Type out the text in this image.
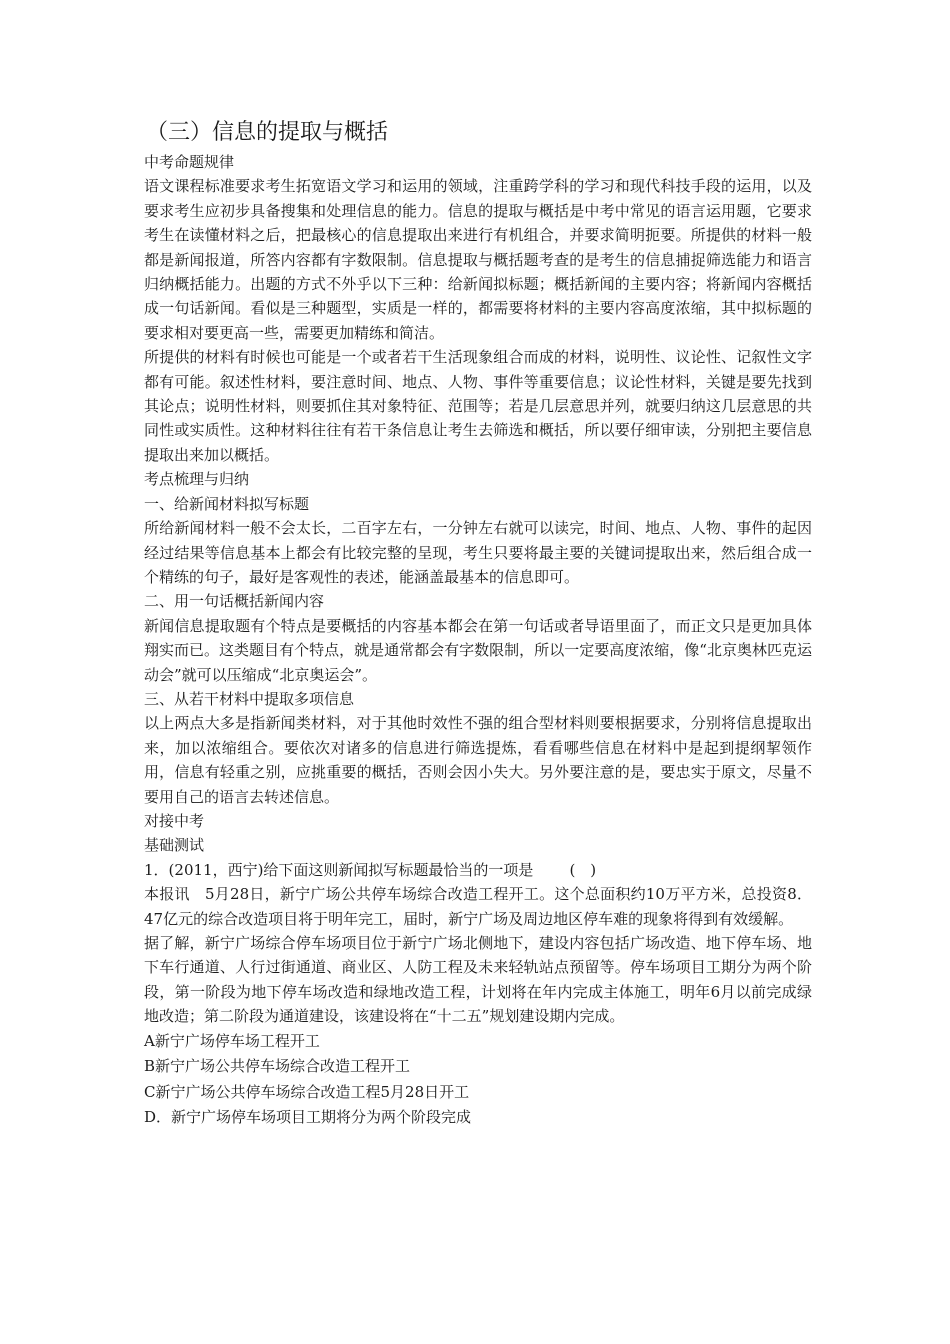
（三）信息的提取与概括
中考命题规律

语文课程标准要求考生拓宽语文学习和运用的领域，注重跨学科的学习和现代科技手段的运用，以及要求考生应初步具备搜集和处理信息的能力。信息的提取与概括是中考中常见的语言运用题，它要求考生在读懂材料之后，把最核心的信息提取出来进行有机组合，并要求简明扼要。所提供的材料一般都是新闻报道，所答内容都有字数限制。信息提取与概括题考查的是考生的信息捕捉筛选能力和语言归纳概括能力。出题的方式不外乎以下三种：给新闻拟标题；概括新闻的主要内容；将新闻内容概括成一句话新闻。看似是三种题型，实质是一样的，都需要将材料的主要内容高度浓缩，其中拟标题的要求相对要更高一些，需要更加精练和简洁。

所提供的材料有时候也可能是一个或者若干生活现象组合而成的材料，说明性、议论性、记叙性文字都有可能。叙述性材料，要注意时间、地点、人物、事件等重要信息；议论性材料，关键是要先找到其论点；说明性材料，则要抓住其对象特征、范围等；若是几层意思并列，就要归纳这几层意思的共同性或实质性。这种材料往往有若干条信息让考生去筛选和概括，所以要仔细审读，分别把主要信息提取出来加以概括。

考点梳理与归纳
一、给新闻材料拟写标题

所给新闻材料一般不会太长，二百字左右，一分钟左右就可以读完，时间、地点、人物、事件的起因经过结果等信息基本上都会有比较完整的呈现，考生只要将最主要的关键词提取出来，然后组合成一个精练的句子，最好是客观性的表述，能涵盖最基本的信息即可。

二、用一句话概括新闻内容

新闻信息提取题有个特点是要概括的内容基本都会在第一句话或者导语里面了，而正文只是更加具体翔实而已。这类题目有个特点，就是通常都会有字数限制，所以一定要高度浓缩，像“北京奥林匹克运动会”就可以压缩成“北京奥运会”。

三、从若干材料中提取多项信息

以上两点大多是指新闻类材料，对于其他时效性不强的组合型材料则要根据要求，分别将信息提取出来，加以浓缩组合。要依次对诸多的信息进行筛选提炼，看看哪些信息在材料中是起到提纲挈领作用，信息有轻重之别，应挑重要的概括，否则会因小失大。另外要注意的是，要忠实于原文，尽量不要用自己的语言去转述信息。

对接中考
基础测试
1．(2011，西宁)给下面这则新闻拟写标题最恰当的一项是 (　)

本报讯　5月28日，新宁广场公共停车场综合改造工程开工。这个总面积约10万平方米，总投资8．47亿元的综合改造项目将于明年完工，届时，新宁广场及周边地区停车难的现象将得到有效缓解。

据了解，新宁广场综合停车场项目位于新宁广场北侧地下，建设内容包括广场改造、地下停车场、地下车行通道、人行过街通道、商业区、人防工程及未来轻轨站点预留等。停车场项目工期分为两个阶段，第一阶段为地下停车场改造和绿地改造工程，计划将在年内完成主体施工，明年6月以前完成绿地改造；第二阶段为通道建设，该建设将在“十二五”规划建设期内完成。

A新宁广场停车场工程开工

B新宁广场公共停车场综合改造工程开工

C新宁广场公共停车场综合改造工程5月28日开工

D．新宁广场停车场项目工期将分为两个阶段完成
